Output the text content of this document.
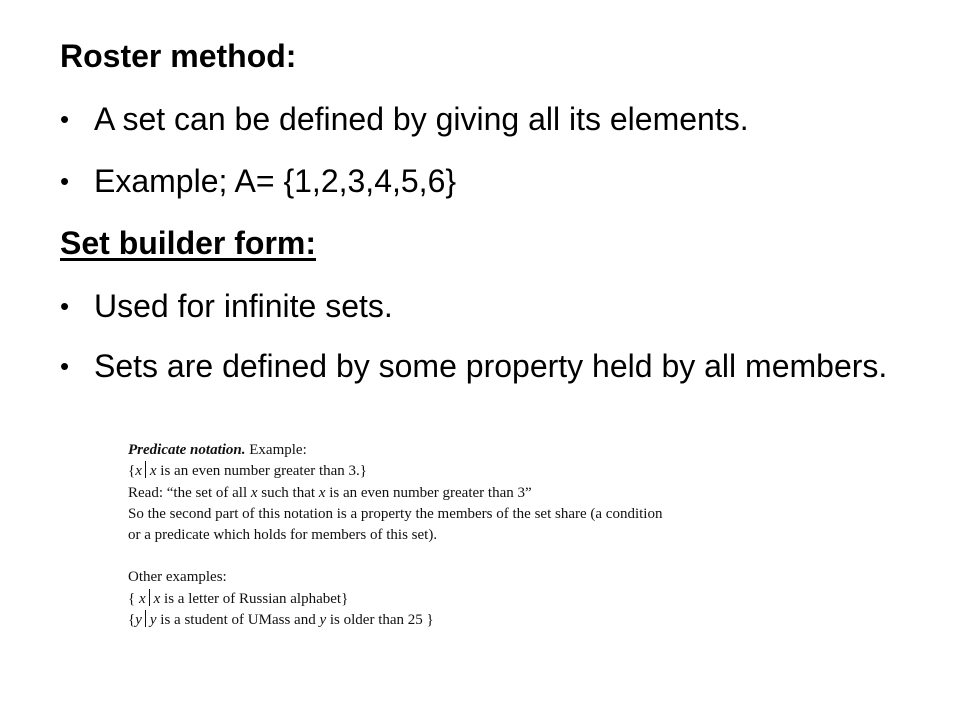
Roster method:
• A set can be defined by giving all its elements.
• Example; A= {1,2,3,4,5,6}
Set builder form:
• Used for infinite sets.
• Sets are defined by some property held by all members.
Predicate notation. Example:
{x x is an even number greater than 3.}
Read: “the set of all x such that x is an even number greater than 3”
So the second part of this notation is a property the members of the set share (a condition
or a predicate which holds for members of this set).
Other examples:
{ x x is a letter of Russian alphabet}
{y y is a student of UMass and y is older than 25 }
